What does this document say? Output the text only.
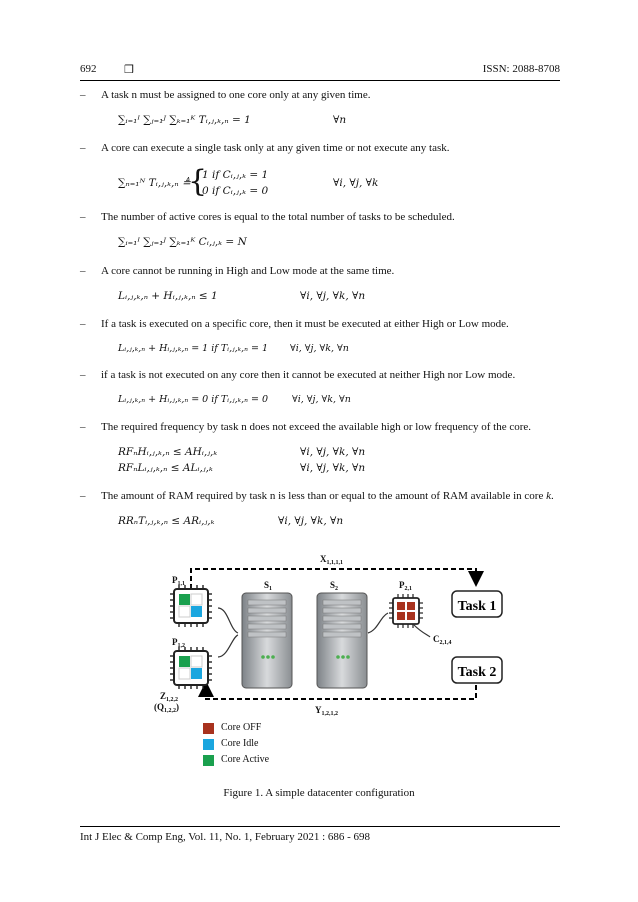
692	❒	ISSN: 2088-8708
– A task n must be assigned to one core only at any given time.
∑ᵢ₌₁ᴵ ∑ⱼ₌₁ᴶ ∑ₖ₌₁ᴷ Tᵢ,ⱼ,ₖ,ₙ = 1	∀n
– A core can execute a single task only at any given time or not execute any task.
∑ₙ₌₁ᴺ Tᵢ,ⱼ,ₖ,ₙ ≜
{
1 if Cᵢ,ⱼ,ₖ = 1
0 if Cᵢ,ⱼ,ₖ = 0
∀i, ∀j, ∀k
– The number of active cores is equal to the total number of tasks to be scheduled.
∑ᵢ₌₁ᴵ ∑ⱼ₌₁ᴶ ∑ₖ₌₁ᴷ Cᵢ,ⱼ,ₖ = N
– A core cannot be running in High and Low mode at the same time.
Lᵢ,ⱼ,ₖ,ₙ + Hᵢ,ⱼ,ₖ,ₙ ≤ 1	∀i, ∀j, ∀k, ∀n
– If a task is executed on a specific core, then it must be executed at either High or Low mode.
Lᵢ,ⱼ,ₖ,ₙ + Hᵢ,ⱼ,ₖ,ₙ = 1 if Tᵢ,ⱼ,ₖ,ₙ = 1 ∀i, ∀j, ∀k, ∀n
– if a task is not executed on any core then it cannot be executed at neither High nor Low mode.
Lᵢ,ⱼ,ₖ,ₙ + Hᵢ,ⱼ,ₖ,ₙ = 0 if Tᵢ,ⱼ,ₖ,ₙ = 0	∀i, ∀j, ∀k, ∀n
– The required frequency by task n does not exceed the available high or low frequency of the core.
RFₙHᵢ,ⱼ,ₖ,ₙ ≤ AHᵢ,ⱼ,ₖ	∀i, ∀j, ∀k, ∀n
RFₙLᵢ,ⱼ,ₖ,ₙ ≤ ALᵢ,ⱼ,ₖ	∀i, ∀j, ∀k, ∀n
– The amount of RAM required by task n is less than or equal to the amount of RAM available in core k.
RRₙTᵢ,ⱼ,ₖ,ₙ ≤ ARᵢ,ⱼ,ₖ	∀i, ∀j, ∀k, ∀n
Task 1
Task 2
$X_{1,1,1,1}$
$P_{1,1}$
$P_{1,2}$
$S_1$	$S_2$	$P_{2,1}$
$C_{2,1,4}$
$Z_{1,2,2}$
$(Q_{1,2,2})$	$Y_{1,2,1,2}$
Core OFF
Core Idle
Core Active
Figure 1. A simple datacenter configuration
Int J Elec & Comp Eng, Vol. 11, No. 1, February 2021 : 686 - 698
